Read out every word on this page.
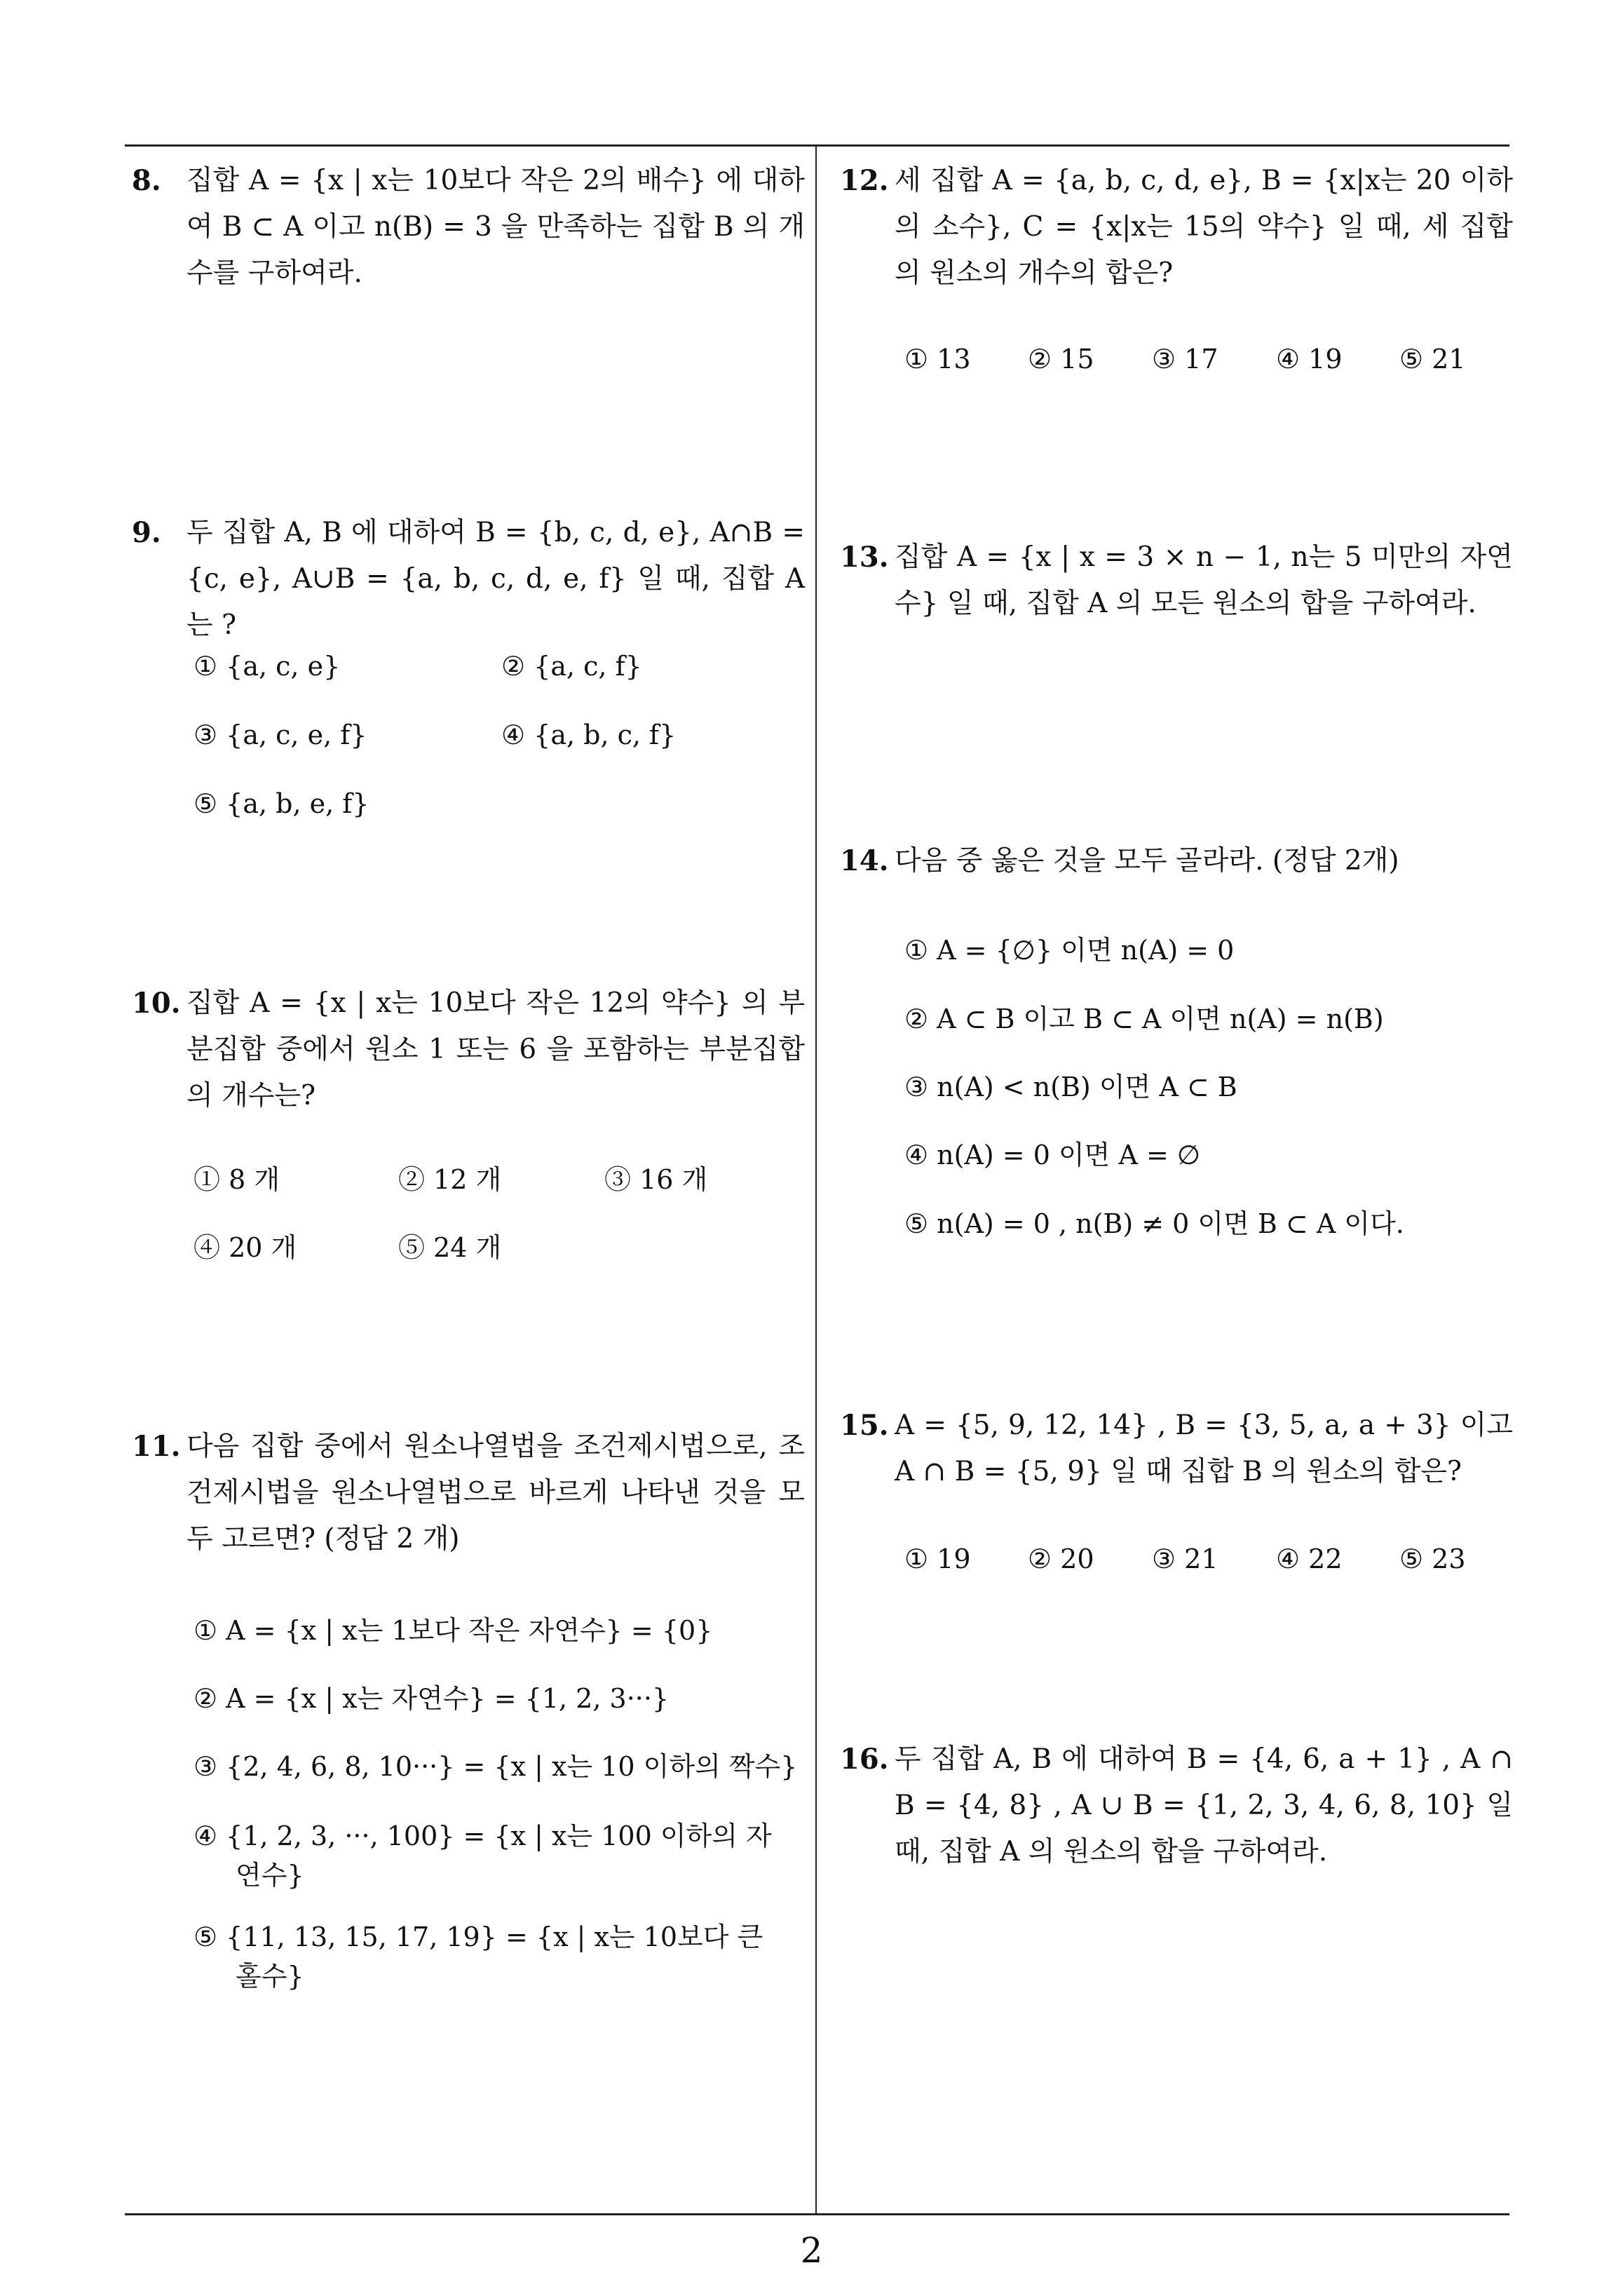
8. 집합 A = {x | x는 10보다 작은 2의 배수} 에 대하여 B ⊂ A 이고 n(B) = 3 을 만족하는 집합 B 의 개수를 구하여라.
9. 두 집합 A, B 에 대하여 B = {b, c, d, e}, A∩B = {c, e}, A∪B = {a, b, c, d, e, f} 일 때, 집합 A 는 ?
① {a, c, e}	② {a, c, f}
③ {a, c, e, f}	④ {a, b, c, f}
⑤ {a, b, e, f}
10. 집합 A = {x | x는 10보다 작은 12의 약수} 의 부분집합 중에서 원소 1 또는 6 을 포함하는 부분집합의 개수는?
① 8 개	② 12 개	③ 16 개
④ 20 개	⑤ 24 개
11. 다음 집합 중에서 원소나열법을 조건제시법으로, 조건제시법을 원소나열법으로 바르게 나타낸 것을 모두 고르면? (정답 2 개)
① A = {x | x는 1보다 작은 자연수} = {0}
② A = {x | x는 자연수} = {1, 2, 3···}
③ {2, 4, 6, 8, 10···} = {x | x는 10 이하의 짝수}
④ {1, 2, 3, ···, 100} = {x | x는 100 이하의 자연수}
⑤ {11, 13, 15, 17, 19} = {x | x는 10보다 큰 홀수}
12. 세 집합 A = {a, b, c, d, e}, B = {x|x는 20 이하의 소수}, C = {x|x는 15의 약수} 일 때, 세 집합의 원소의 개수의 합은?
① 13 ② 15 ③ 17 ④ 19 ⑤ 21
13. 집합 A = {x | x = 3 × n − 1, n는 5 미만의 자연수} 일 때, 집합 A 의 모든 원소의 합을 구하여라.
14. 다음 중 옳은 것을 모두 골라라. (정답 2개)
① A = {∅} 이면 n(A) = 0
② A ⊂ B 이고 B ⊂ A 이면 n(A) = n(B)
③ n(A) < n(B) 이면 A ⊂ B
④ n(A) = 0 이면 A = ∅
⑤ n(A) = 0 , n(B) ≠ 0 이면 B ⊂ A 이다.
15. A = {5, 9, 12, 14} , B = {3, 5, a, a + 3} 이고 A ∩ B = {5, 9} 일 때 집합 B 의 원소의 합은?
① 19 ② 20 ③ 21 ④ 22 ⑤ 23
16. 두 집합 A, B 에 대하여 B = {4, 6, a + 1} , A ∩ B = {4, 8} , A ∪ B = {1, 2, 3, 4, 6, 8, 10} 일 때, 집합 A 의 원소의 합을 구하여라.
2
